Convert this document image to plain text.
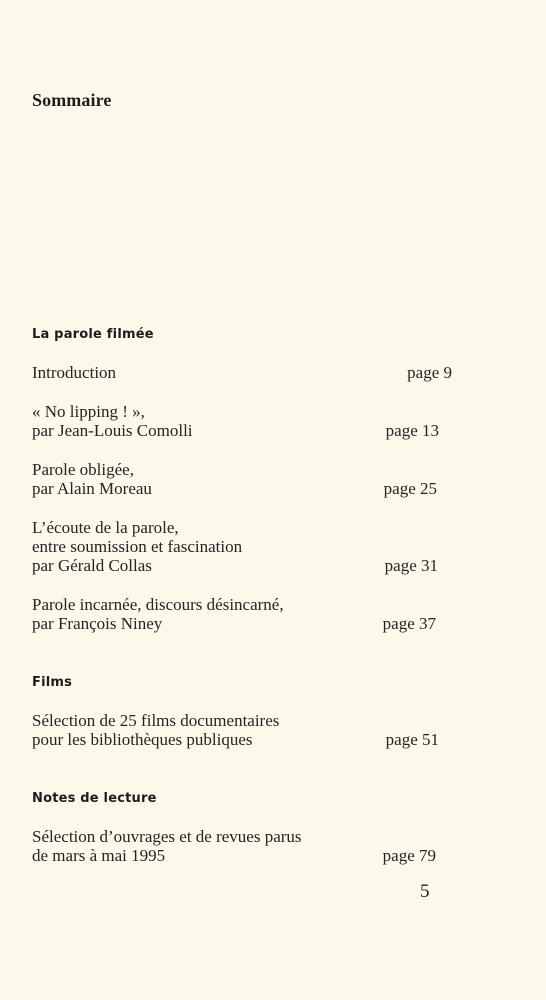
Sommaire
La parole filmée
Introduction	page 9
« No lipping ! »,
par Jean-Louis Comolli	page 13
Parole obligée,
par Alain Moreau	page 25
L’écoute de la parole,
entre soumission et fascination
par Gérald Collas	page 31
Parole incarnée, discours désincarné,
par François Niney	page 37
Films
Sélection de 25 films documentaires
pour les bibliothèques publiques	page 51
Notes de lecture
Sélection d’ouvrages et de revues parus
de mars à mai 1995	page 79

5
